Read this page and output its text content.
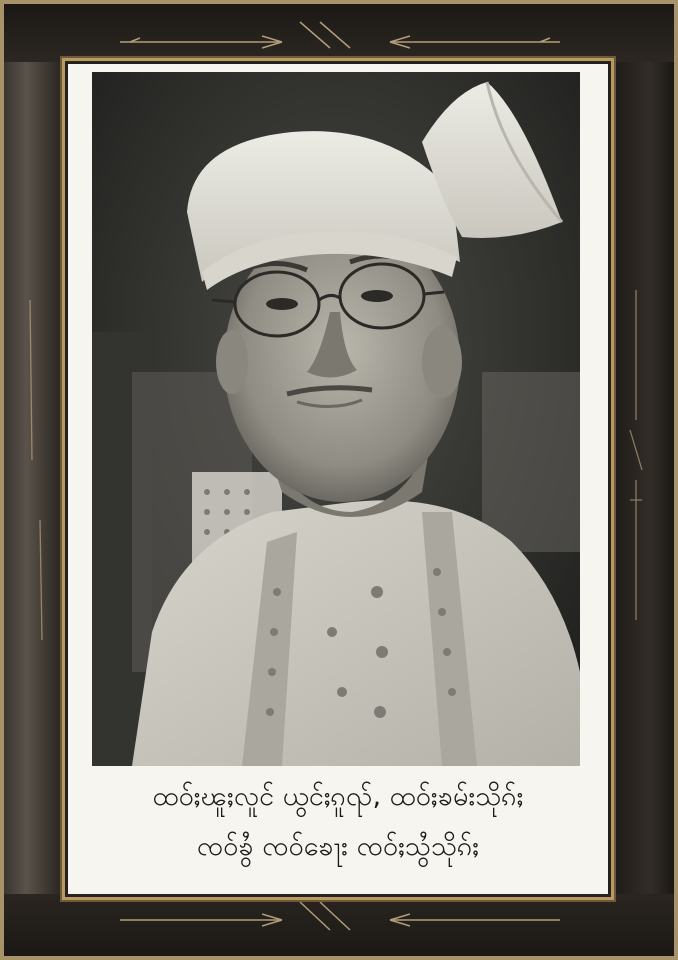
ထဝ်ႈၽူႈလူင် ယွင်ႈၵူၺ်, ထဝ်ႈၶမ်းသိုၵ်ႈ
ၸဝ်ၶွႆ ၸဝ်ၶေႃး ၸဝ်ႈသွႆသိုၵ်ႈ
